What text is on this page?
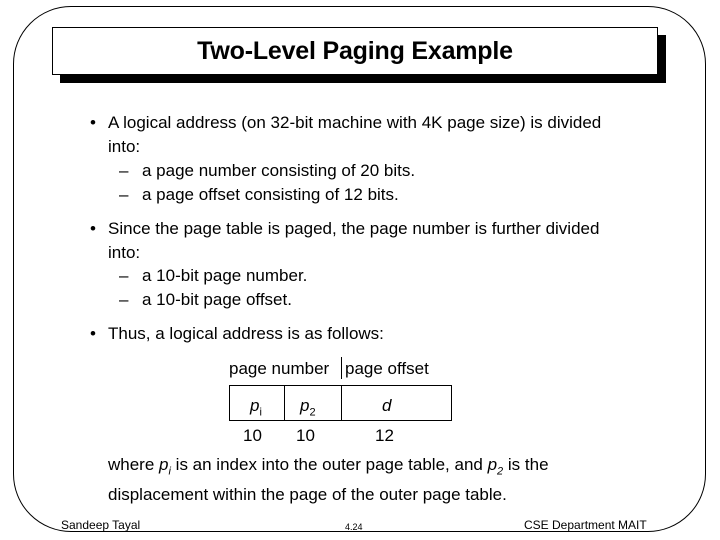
Two-Level Paging Example
• A logical address (on 32-bit machine with 4K page size) is divided
into:
– a page number consisting of 20 bits.
– a page offset consisting of 12 bits.
• Since the page table is paged, the page number is further divided
into:
– a 10-bit page number.
– a 10-bit page offset.
• Thus, a logical address is as follows:
page number page offset
$p_i$ $p_2$	d
10 10	12
where $p_i$ is an index into the outer page table, and $p_2$ is the
displacement within the page of the outer page table.
Sandeep Tayal	4.24	CSE Department MAIT
